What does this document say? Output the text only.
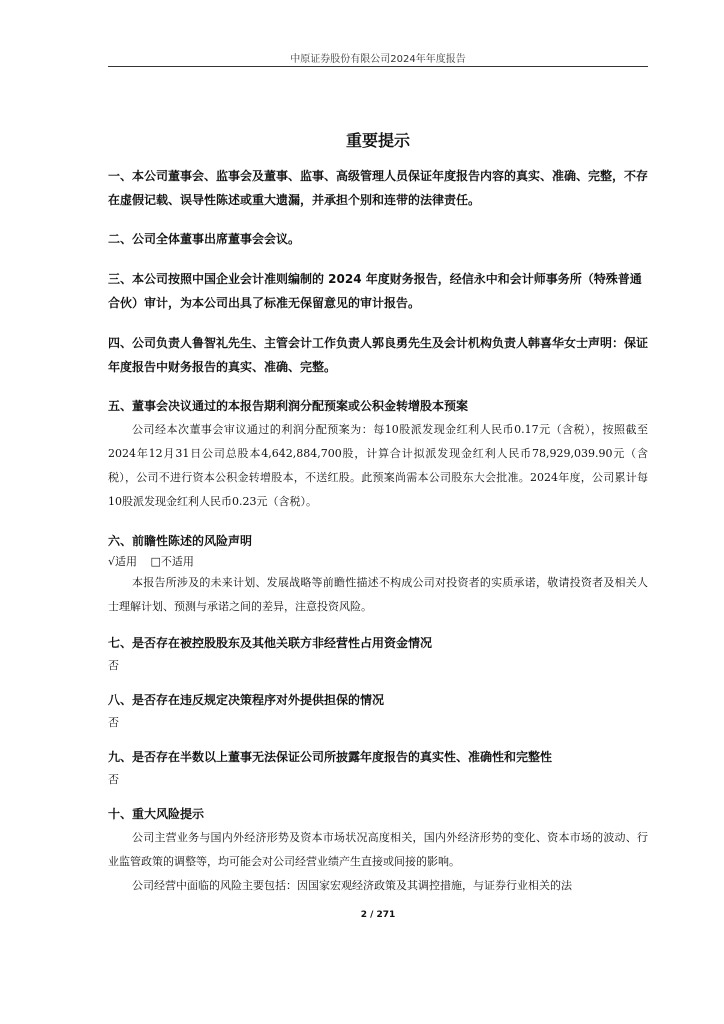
中原证券股份有限公司2024年年度报告
重要提示

一、本公司董事会、监事会及董事、监事、高级管理人员保证年度报告内容的真实、准确、完整，不存在虚假记载、误导性陈述或重大遗漏，并承担个别和连带的法律责任。

二、公司全体董事出席董事会会议。

三、本公司按照中国企业会计准则编制的 2024 年度财务报告，经信永中和会计师事务所（特殊普通合伙）审计，为本公司出具了标准无保留意见的审计报告。

四、公司负责人鲁智礼先生、主管会计工作负责人郭良勇先生及会计机构负责人韩喜华女士声明：保证年度报告中财务报告的真实、准确、完整。

五、董事会决议通过的本报告期利润分配预案或公积金转增股本预案

公司经本次董事会审议通过的利润分配预案为：每10股派发现金红利人民币0.17元（含税），按照截至2024年12月31日公司总股本4,642,884,700股，计算合计拟派发现金红利人民币78,929,039.90元（含税），公司不进行资本公积金转增股本，不送红股。此预案尚需本公司股东大会批准。2024年度，公司累计每10股派发现金红利人民币0.23元（含税）。

六、前瞻性陈述的风险声明

√适用 □不适用

本报告所涉及的未来计划、发展战略等前瞻性描述不构成公司对投资者的实质承诺，敬请投资者及相关人士理解计划、预测与承诺之间的差异，注意投资风险。

七、是否存在被控股股东及其他关联方非经营性占用资金情况

否

八、是否存在违反规定决策程序对外提供担保的情况

否

九、是否存在半数以上董事无法保证公司所披露年度报告的真实性、准确性和完整性

否

十、重大风险提示

公司主营业务与国内外经济形势及资本市场状况高度相关，国内外经济形势的变化、资本市场的波动、行业监管政策的调整等，均可能会对公司经营业绩产生直接或间接的影响。

公司经营中面临的风险主要包括：因国家宏观经济政策及其调控措施，与证券行业相关的法

2 / 271
